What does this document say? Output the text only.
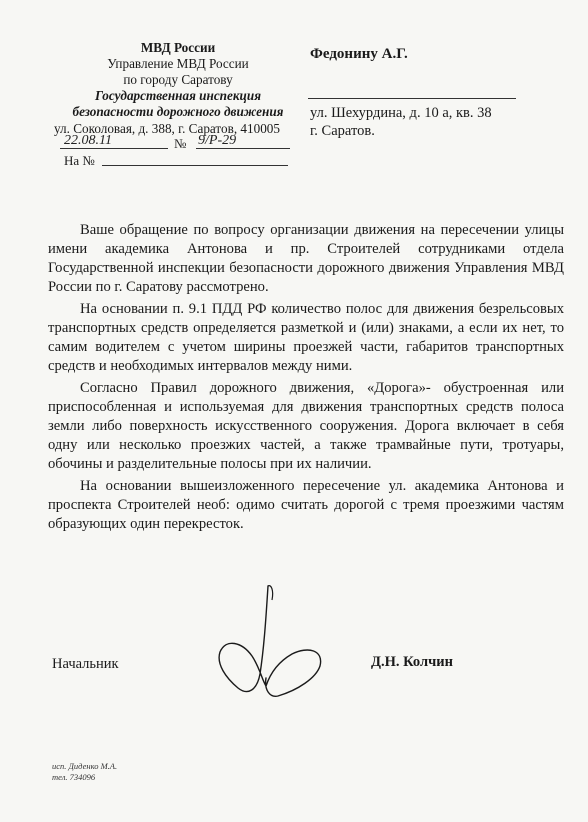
МВД России
Управление МВД России
по городу Саратову
Государственная инспекция
безопасности дорожного движения
ул. Соколовая, д. 388, г. Саратов, 410005
22.08.11	№ 9/Р-29
На №
Федонину А.Г.
ул. Шехурдина, д. 10 а, кв. 38
г. Саратов.

Ваше обращение по вопросу организации движения на пересечении улицы имени академика Антонова и пр. Строителей сотрудниками отдела Государственной инспекции безопасности дорожного движения Управления МВД России по г. Саратову рассмотрено.

На основании п. 9.1 ПДД РФ количество полос для движения безрельсовых транспортных средств определяется разметкой и (или) знаками, а если их нет, то самим водителем с учетом ширины проезжей части, габаритов транспортных средств и необходимых интервалов между ними.

Согласно Правил дорожного движения, «Дорога»- обустроенная или приспособленная и используемая для движения транспортных средств полоса земли либо поверхность искусственного сооружения. Дорога включает в себя одну или несколько проезжих частей, а также трамвайные пути, тротуары, обочины и разделительные полосы при их наличии.

На основании вышеизложенного пересечение ул. академика Антонова и проспекта Строителей необ: одимо считать дорогой с тремя проезжими частям образующих один перекресток.

Начальник	Д.Н. Колчин
исп. Диденко М.А.
тел. 734096
